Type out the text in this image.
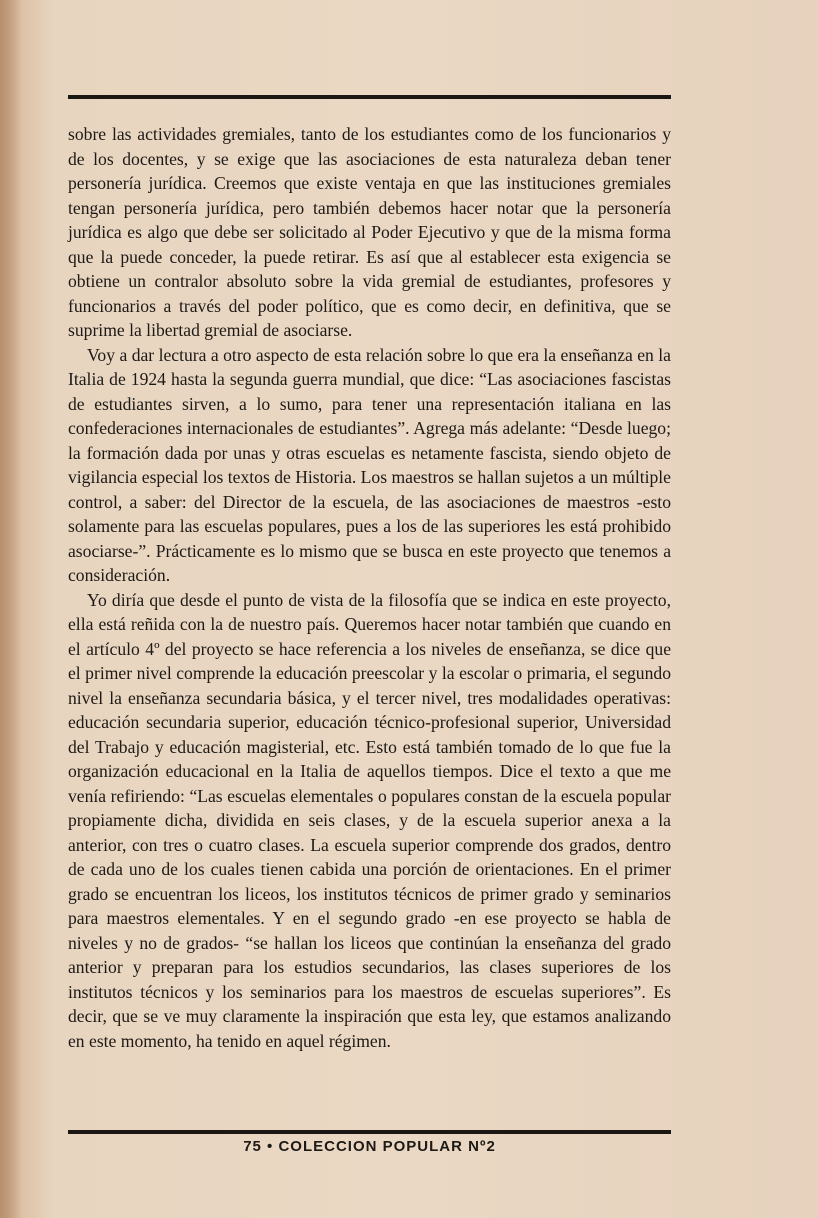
sobre las actividades gremiales, tanto de los estudiantes como de los funcionarios y de los docentes, y se exige que las asociaciones de esta naturaleza deban tener personería jurídica. Creemos que existe ventaja en que las instituciones gremiales tengan personería jurídica, pero también debemos hacer notar que la personería jurídica es algo que debe ser solicitado al Poder Ejecutivo y que de la misma forma que la puede conceder, la puede retirar. Es así que al establecer esta exigencia se obtiene un contralor absoluto sobre la vida gremial de estudiantes, profesores y funcionarios a través del poder político, que es como decir, en definitiva, que se suprime la libertad gremial de asociarse.

Voy a dar lectura a otro aspecto de esta relación sobre lo que era la enseñanza en la Italia de 1924 hasta la segunda guerra mundial, que dice: “Las asociaciones fascistas de estudiantes sirven, a lo sumo, para tener una representación italiana en las confederaciones internacionales de estudiantes”. Agrega más adelante: “Desde luego; la formación dada por unas y otras escuelas es netamente fascista, siendo objeto de vigilancia especial los textos de Historia. Los maestros se hallan sujetos a un múltiple control, a saber: del Director de la escuela, de las asociaciones de maestros -esto solamente para las escuelas populares, pues a los de las superiores les está prohibido asociarse-”. Prácticamente es lo mismo que se busca en este proyecto que tenemos a consideración.

Yo diría que desde el punto de vista de la filosofía que se indica en este proyecto, ella está reñida con la de nuestro país. Queremos hacer notar también que cuando en el artículo 4º del proyecto se hace referencia a los niveles de enseñanza, se dice que el primer nivel comprende la educación preescolar y la escolar o primaria, el segundo nivel la enseñanza secundaria básica, y el tercer nivel, tres modalidades operativas: educación secundaria superior, educación técnico-profesional superior, Universidad del Trabajo y educación magisterial, etc. Esto está también tomado de lo que fue la organización educacional en la Italia de aquellos tiempos. Dice el texto a que me venía refiriendo: “Las escuelas elementales o populares constan de la escuela popular propiamente dicha, dividida en seis clases, y de la escuela superior anexa a la anterior, con tres o cuatro clases. La escuela superior comprende dos grados, dentro de cada uno de los cuales tienen cabida una porción de orientaciones. En el primer grado se encuentran los liceos, los institutos técnicos de primer grado y seminarios para maestros elementales. Y en el segundo grado -en ese proyecto se habla de niveles y no de grados- “se hallan los liceos que continúan la enseñanza del grado anterior y preparan para los estudios secundarios, las clases superiores de los institutos técnicos y los seminarios para los maestros de escuelas superiores”. Es decir, que se ve muy claramente la inspiración que esta ley, que estamos analizando en este momento, ha tenido en aquel régimen.

75 • COLECCION POPULAR Nº2
